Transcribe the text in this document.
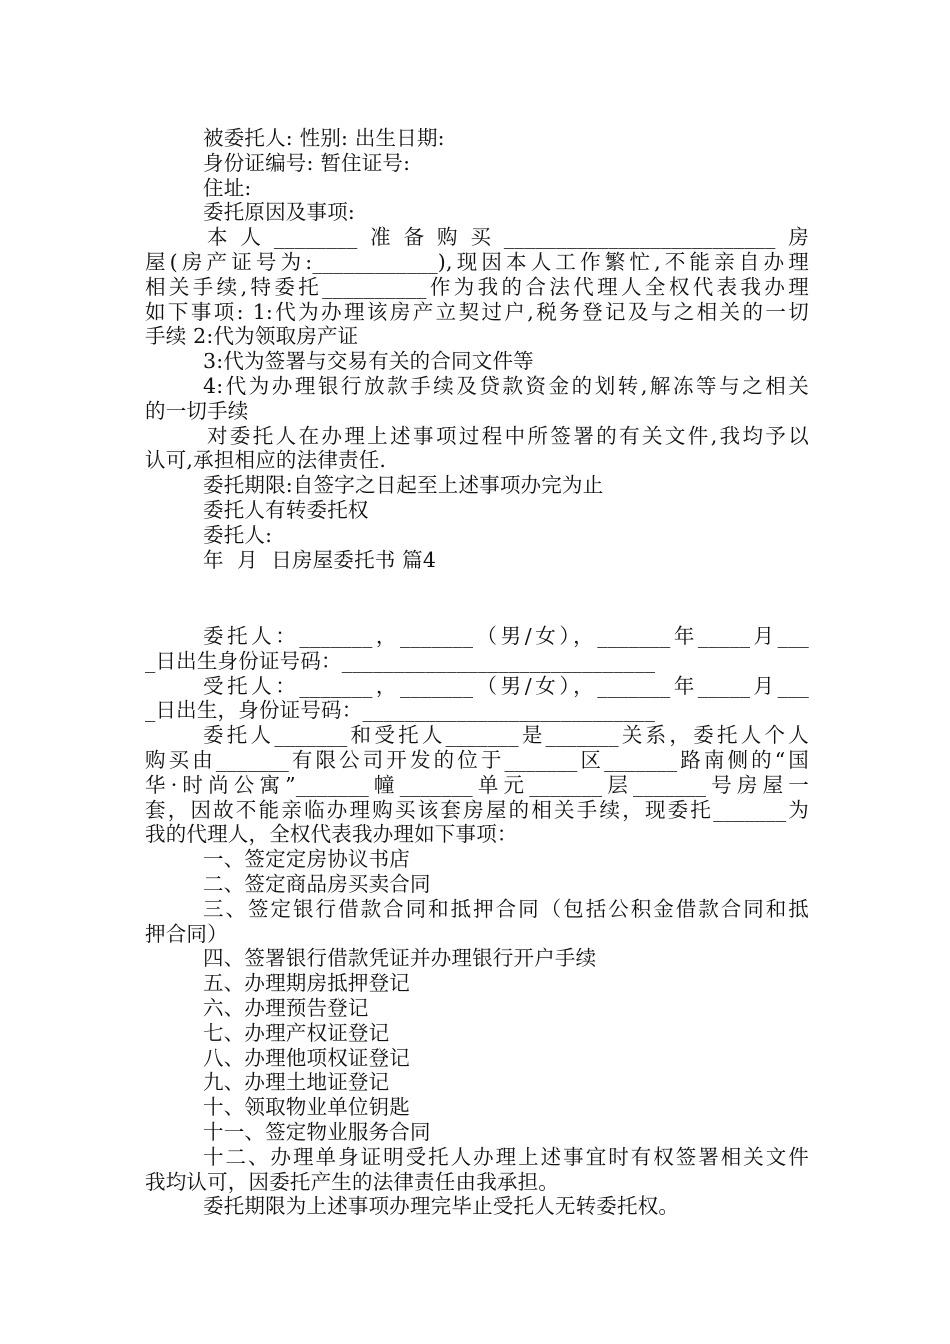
被委托人: 性别: 出生日期:
身份证编号: 暂住证号:
住址:
委托原因及事项:
本人________准备购买__________________________房
屋(房产证号为:____________),现因本人工作繁忙,不能亲自办理
相关手续,特委托__________作为我的合法代理人全权代表我办理
如下事项: 1:代为办理该房产立契过户,税务登记及与之相关的一切
手续 2:代为领取房产证
3:代为签署与交易有关的合同文件等
4:代为办理银行放款手续及贷款资金的划转,解冻等与之相关
的一切手续
对委托人在办理上述事项过程中所签署的有关文件,我均予以
认可,承担相应的法律责任.
委托期限:自签字之日起至上述事项办完为止
委托人有转委托权
委托人:
年  月  日房屋委托书 篇4
委托人：_______，_______（男/女），_______年_____月___
_日出生身份证号码：______________________________
受托人：_______，_______（男/女），_______年_____月___
_日出生，身份证号码：____________________________
委托人_______和受托人_______是_______关系，委托人个人
购买由_______有限公司开发的位于_______区_______路南侧的“国
华·时尚公寓”_______幢_______单元_______层_______号房屋一
套，因故不能亲临办理购买该套房屋的相关手续，现委托_______为
我的代理人，全权代表我办理如下事项：
一、签定定房协议书店
二、签定商品房买卖合同
三、签定银行借款合同和抵押合同（包括公积金借款合同和抵
押合同）
四、签署银行借款凭证并办理银行开户手续
五、办理期房抵押登记
六、办理预告登记
七、办理产权证登记
八、办理他项权证登记
九、办理土地证登记
十、领取物业单位钥匙
十一、签定物业服务合同
十二、办理单身证明受托人办理上述事宜时有权签署相关文件
我均认可，因委托产生的法律责任由我承担。
委托期限为上述事项办理完毕止受托人无转委托权。
